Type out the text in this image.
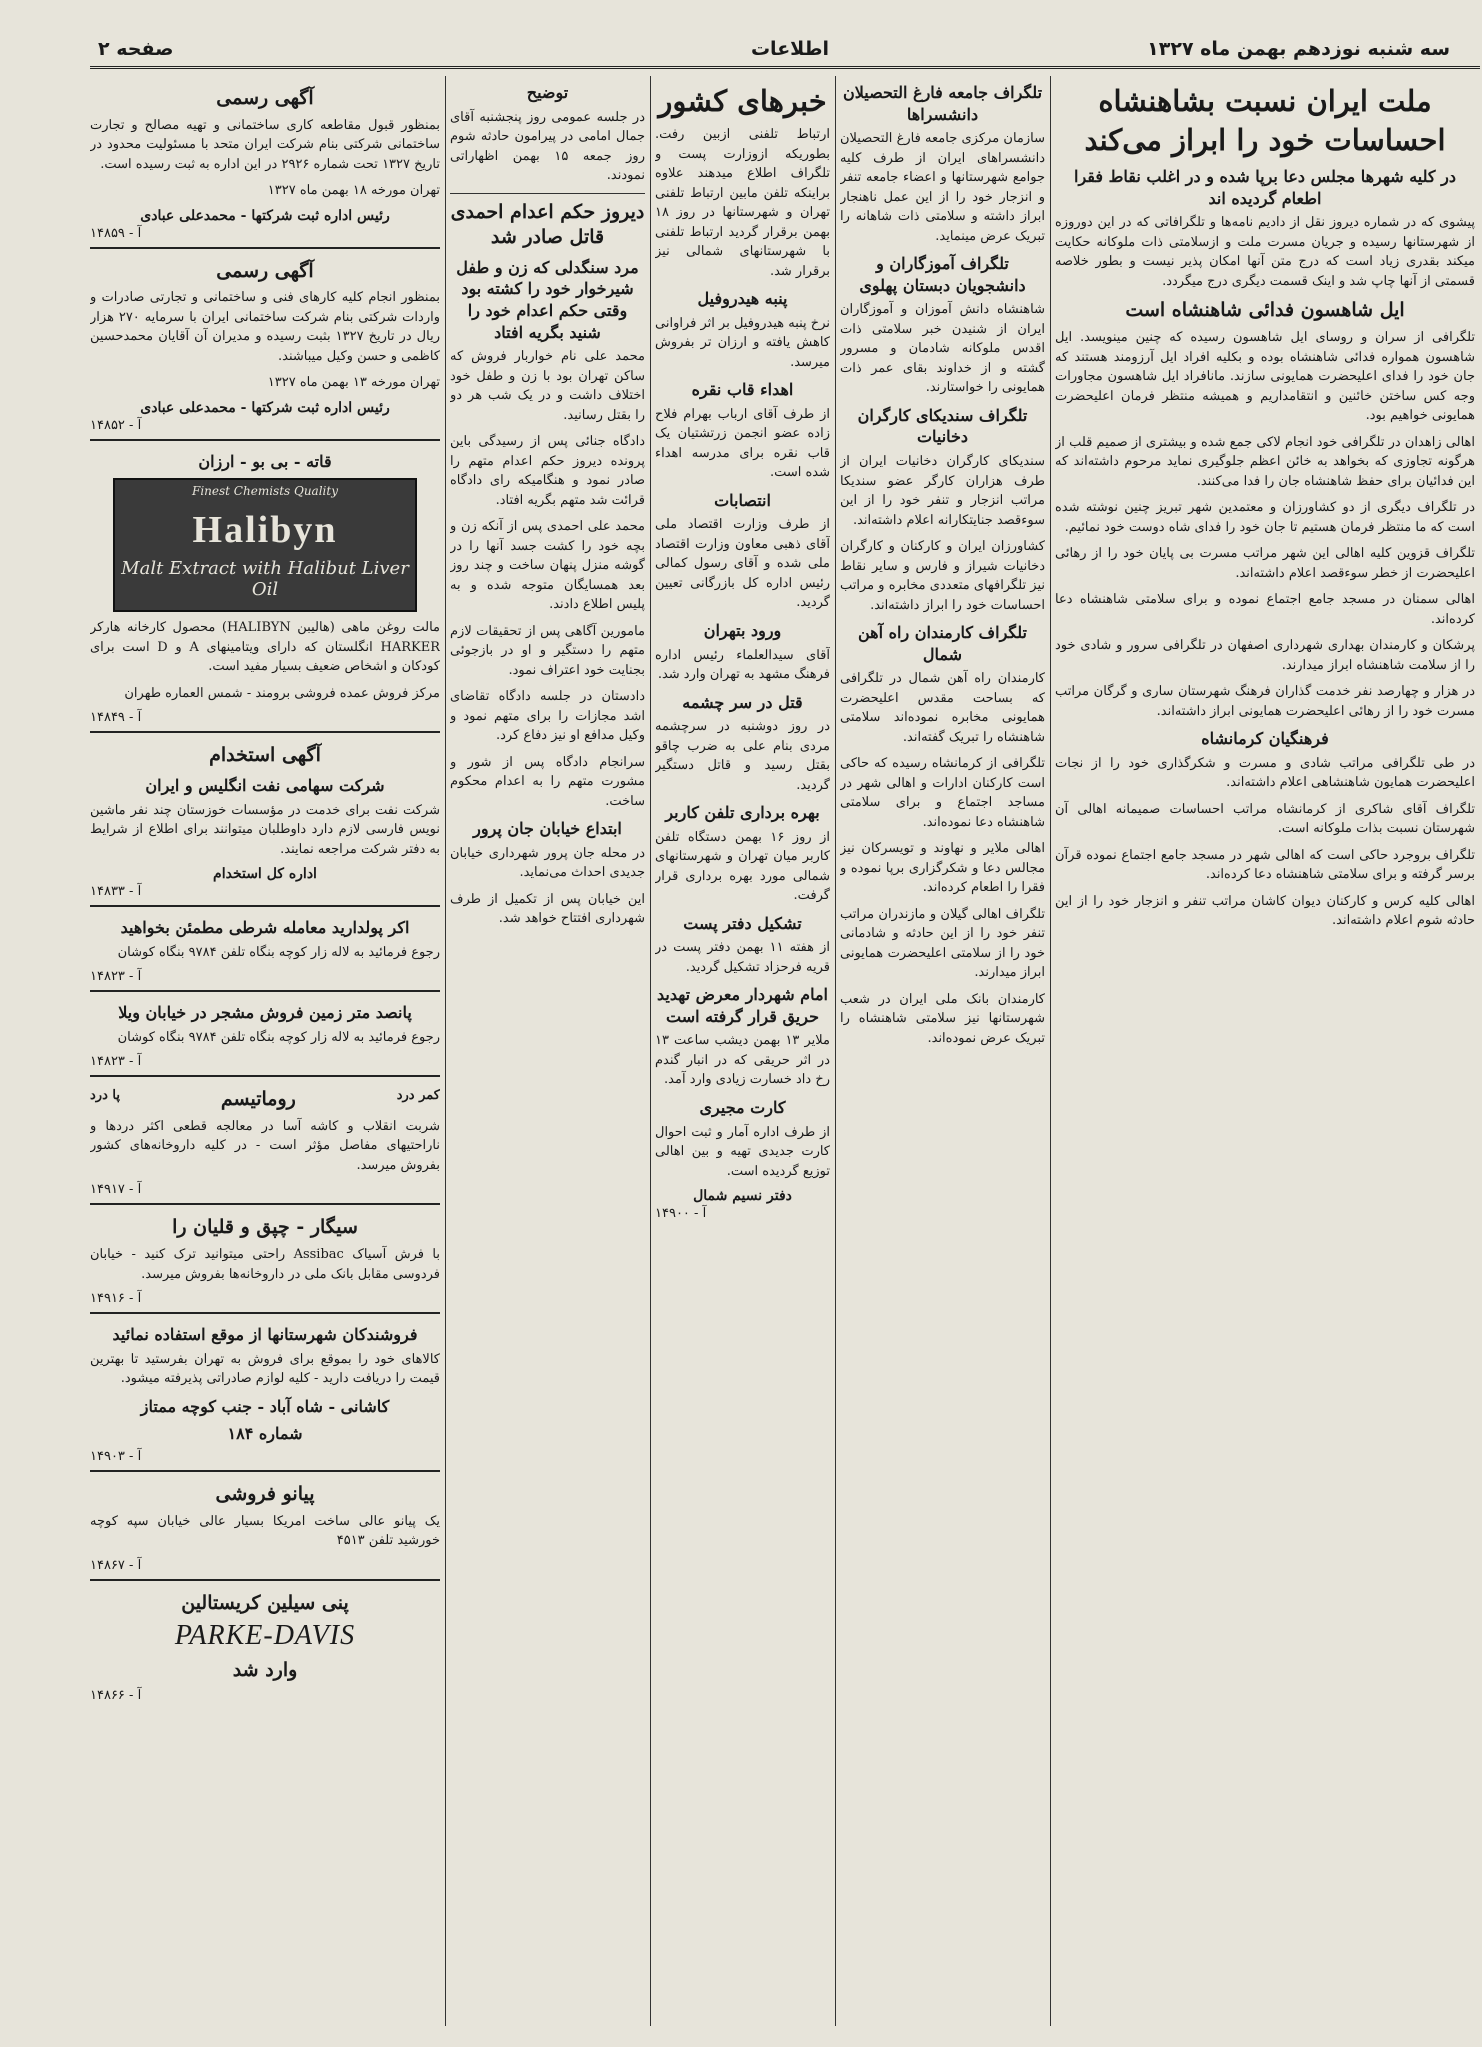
صفحه ۲	اطلاعات	سه شنبه نوزدهم بهمن ماه ۱۳۲۷
ملت ایران نسبت بشاهنشاه احساسات خود را ابراز می‌کند
در کلیه شهرها مجلس دعا برپا شده و در اغلب نقاط فقرا اطعام گردیده اند

پیشوی که در شماره دیروز نقل از دادیم نامه‌ها و تلگرافاتی که در این دوروزه از شهرستانها رسیده و جریان مسرت ملت و ازسلامتی ذات ملوکانه حکایت میکند بقدری زیاد است که درج متن آنها امکان پذیر نیست و بطور خلاصه قسمتی از آنها چاپ شد و اینک قسمت دیگری درج میگردد.

ایل شاهسون فدائی شاهنشاه است

تلگرافی از سران و روسای ایل شاهسون رسیده که چنین مینویسد. ایل شاهسون همواره فدائی شاهنشاه بوده و بکلیه افراد ایل آرزومند هستند که جان خود را فدای اعلیحضرت همایونی سازند. مانافراد ایل شاهسون مجاورات وجه کس ساختن خائنین و انتقامداریم و همیشه منتظر فرمان اعلیحضرت همایونی خواهیم بود.

اهالی زاهدان در تلگرافی خود انجام لاکی جمع شده و بیشتری از صمیم قلب از هرگونه تجاوزی که بخواهد به خائن اعظم جلوگیری نماید مرحوم داشته‌اند که این فدائیان برای حفظ شاهنشاه جان را فدا می‌کنند.

در تلگراف دیگری از دو کشاورزان و معتمدین شهر تبریز چنین نوشته شده است که ما منتظر فرمان هستیم تا جان خود را فدای شاه دوست خود نمائیم.

تلگراف قزوین کلیه اهالی این شهر مراتب مسرت بی پایان خود را از رهائی اعلیحضرت از خطر سوءقصد اعلام داشته‌اند.

اهالی سمنان در مسجد جامع اجتماع نموده و برای سلامتی شاهنشاه دعا کرده‌اند.

پرشکان و کارمندان بهداری شهرداری اصفهان در تلگرافی سرور و شادی خود را از سلامت شاهنشاه ابراز میدارند.

در هزار و چهارصد نفر خدمت گذاران فرهنگ شهرستان ساری و گرگان مراتب مسرت خود را از رهائی اعلیحضرت همایونی ابراز داشته‌اند.

فرهنگیان کرمانشاه

در طی تلگرافی مراتب شادی و مسرت و شکرگذاری خود را از نجات اعلیحضرت همایون شاهنشاهی اعلام داشته‌اند.

تلگراف آقای شاکری از کرمانشاه مراتب احساسات صمیمانه اهالی آن شهرستان نسبت بذات ملوکانه است.

تلگراف بروجرد حاکی است که اهالی شهر در مسجد جامع اجتماع نموده قرآن برسر گرفته و برای سلامتی شاهنشاه دعا کرده‌اند.

اهالی کلیه کرس و کارکنان دیوان کاشان مراتب تنفر و انزجار خود را از این حادثه شوم اعلام داشته‌اند.

تلگراف جامعه فارغ التحصیلان دانشسراها

سازمان مرکزی جامعه فارغ التحصیلان دانشسراهای ایران از طرف کلیه جوامع شهرستانها و اعضاء جامعه تنفر و انزجار خود را از این عمل ناهنجار ابراز داشته و سلامتی ذات شاهانه را تبریک عرض مینماید.

تلگراف آموزگاران و دانشجویان دبستان پهلوی

شاهنشاه دانش آموزان و آموزگاران ایران از شنیدن خبر سلامتی ذات اقدس ملوکانه شادمان و مسرور گشته و از خداوند بقای عمر ذات همایونی را خواستارند.

تلگراف سندیکای کارگران دخانیات

سندیکای کارگران دخانیات ایران از طرف هزاران کارگر عضو سندیکا مراتب انزجار و تنفر خود را از این سوءقصد جنایتکارانه اعلام داشته‌اند.

کشاورزان ایران و کارکنان و کارگران دخانیات شیراز و فارس و سایر نقاط نیز تلگرافهای متعددی مخابره و مراتب احساسات خود را ابراز داشته‌اند.

تلگراف کارمندان راه آهن شمال

کارمندان راه آهن شمال در تلگرافی که بساحت مقدس اعلیحضرت همایونی مخابره نموده‌اند سلامتی شاهنشاه را تبریک گفته‌اند.

تلگرافی از کرمانشاه رسیده که حاکی است کارکنان ادارات و اهالی شهر در مساجد اجتماع و برای سلامتی شاهنشاه دعا نموده‌اند.

اهالی ملایر و نهاوند و تویسرکان نیز مجالس دعا و شکرگزاری برپا نموده و فقرا را اطعام کرده‌اند.

تلگراف اهالی گیلان و مازندران مراتب تنفر خود را از این حادثه و شادمانی خود را از سلامتی اعلیحضرت همایونی ابراز میدارند.

کارمندان بانک ملی ایران در شعب شهرستانها نیز سلامتی شاهنشاه را تبریک عرض نموده‌اند.

خبرهای کشور

ارتباط تلفنی ازبین رفت. بطوریکه ازوزارت پست و تلگراف اطلاع میدهند علاوه براینکه تلفن مابین ارتباط تلفنی تهران و شهرستانها در روز ۱۸ بهمن برقرار گردید ارتباط تلفنی با شهرستانهای شمالی نیز برقرار شد.

پنبه هیدروفیل

نرخ پنبه هیدروفیل بر اثر فراوانی کاهش یافته و ارزان تر بفروش میرسد.

اهداء قاب نقره

از طرف آقای ارباب بهرام فلاح زاده عضو انجمن زرتشتیان یک قاب نقره برای مدرسه اهداء شده است.

انتصابات

از طرف وزارت اقتصاد ملی آقای ذهبی معاون وزارت اقتصاد ملی شده و آقای رسول کمالی رئیس اداره کل بازرگانی تعیین گردید.

ورود بتهران

آقای سیدالعلماء رئیس اداره فرهنگ مشهد به تهران وارد شد.

قتل در سر چشمه

در روز دوشنبه در سرچشمه مردی بنام علی به ضرب چاقو بقتل رسید و قاتل دستگیر گردید.

بهره برداری تلفن کاربر

از روز ۱۶ بهمن دستگاه تلفن کاربر میان تهران و شهرستانهای شمالی مورد بهره برداری قرار گرفت.

تشکیل دفتر پست

از هفته ۱۱ بهمن دفتر پست در قریه فرحزاد تشکیل گردید.

امام شهردار معرض تهدید حریق قرار گرفته است

ملایر ۱۳ بهمن دیشب ساعت ۱۳ در اثر حریقی که در انبار گندم رخ داد خسارت زیادی وارد آمد.

کارت مجیری

از طرف اداره آمار و ثبت احوال کارت جدیدی تهیه و بین اهالی توزیع گردیده است.

دفتر نسیم شمال
آ - ۱۴۹۰۰
توضیح

در جلسه عمومی روز پنجشنبه آقای جمال امامی در پیرامون حادثه شوم روز جمعه ۱۵ بهمن اظهاراتی نمودند.

دیروز حکم اعدام احمدی قاتل صادر شد
مرد سنگدلی که زن و طفل شیرخوار خود را کشته بود وقتی حکم اعدام خود را شنید بگریه افتاد

محمد علی نام خواربار فروش که ساکن تهران بود با زن و طفل خود اختلاف داشت و در یک شب هر دو را بقتل رسانید.

دادگاه جنائی پس از رسیدگی باین پرونده دیروز حکم اعدام متهم را صادر نمود و هنگامیکه رای دادگاه قرائت شد متهم بگریه افتاد.

محمد علی احمدی پس از آنکه زن و بچه خود را کشت جسد آنها را در گوشه منزل پنهان ساخت و چند روز بعد همسایگان متوجه شده و به پلیس اطلاع دادند.

مامورین آگاهی پس از تحقیقات لازم متهم را دستگیر و او در بازجوئی بجنایت خود اعتراف نمود.

دادستان در جلسه دادگاه تقاضای اشد مجازات را برای متهم نمود و وکیل مدافع او نیز دفاع کرد.

سرانجام دادگاه پس از شور و مشورت متهم را به اعدام محکوم ساخت.

ابتداع خیابان جان پرور

در محله جان پرور شهرداری خیابان جدیدی احداث می‌نماید.

این خیابان پس از تکمیل از طرف شهرداری افتتاح خواهد شد.

آگهی رسمی

بمنظور قبول مقاطعه کاری ساختمانی و تهیه مصالح و تجارت ساختمانی شرکتی بنام شرکت ایران متحد با مسئولیت محدود در تاریخ ۱۳۲۷ تحت شماره ۲۹۲۶ در این اداره به ثبت رسیده است.

تهران مورخه ۱۸ بهمن ماه ۱۳۲۷
رئیس اداره ثبت شرکتها - محمدعلی عبادی
آ - ۱۴۸۵۹
آگهی رسمی

بمنظور انجام کلیه کارهای فنی و ساختمانی و تجارتی صادرات و واردات شرکتی بنام شرکت ساختمانی ایران با سرمایه ۲۷۰ هزار ریال در تاریخ ۱۳۲۷ بثبت رسیده و مدیران آن آقایان محمدحسین کاظمی و حسن وکیل میباشند.

تهران مورخه ۱۳ بهمن ماه ۱۳۲۷
رئیس اداره ثبت شرکتها - محمدعلی عبادی
آ - ۱۴۸۵۲
قاته - بی بو - ارزان
Finest Chemists Quality
Halibyn
Malt Extract with Halibut Liver Oil

مالت روغن ماهی (هالیبن HALIBYN) محصول کارخانه هارکر HARKER انگلستان که دارای ویتامینهای A و D است برای کودکان و اشخاص ضعیف بسیار مفید است.

مرکز فروش عمده فروشی برومند - شمس العماره طهران
آ - ۱۴۸۴۹
آگهی استخدام
شرکت سهامی نفت انگلیس و ایران

شرکت نفت برای خدمت در مؤسسات خوزستان چند نفر ماشین نویس فارسی لازم دارد داوطلبان میتوانند برای اطلاع از شرایط به دفتر شرکت مراجعه نمایند.

اداره کل استخدام
آ - ۱۴۸۳۳
اکر پولدارید معامله شرطی مطمئن بخواهید

رجوع فرمائید به لاله زار کوچه بنگاه تلفن ۹۷۸۴ بنگاه کوشان

آ - ۱۴۸۲۳
پانصد متر زمین فروش مشجر در خیابان ویلا

رجوع فرمائید به لاله زار کوچه بنگاه تلفن ۹۷۸۴ بنگاه کوشان

آ - ۱۴۸۲۳
کمر درد
روماتیسم
پا درد

شربت انقلاب و کاشه آسا در معالجه قطعی اکثر دردها و ناراحتیهای مفاصل مؤثر است - در کلیه داروخانه‌های کشور بفروش میرسد.

آ - ۱۴۹۱۷
سیگار - چپق و قلیان را

با فرش آسیاک Assibac راحتی میتوانید ترک کنید - خیابان فردوسی مقابل بانک ملی در داروخانه‌ها بفروش میرسد.

آ - ۱۴۹۱۶
فروشندکان شهرستانها از موقع استفاده نمائید

کالاهای خود را بموقع برای فروش به تهران بفرستید تا بهترین قیمت را دریافت دارید - کلیه لوازم صادراتی پذیرفته میشود.

کاشانی - شاه آباد - جنب کوچه ممتاز
شماره ۱۸۴
آ - ۱۴۹۰۳
پیانو فروشی

یک پیانو عالی ساخت امریکا بسیار عالی خیابان سپه کوچه خورشید تلفن ۴۵۱۳

آ - ۱۴۸۶۷
پنی سیلین کریستالین
PARKE-DAVIS
وارد شد
آ - ۱۴۸۶۶
